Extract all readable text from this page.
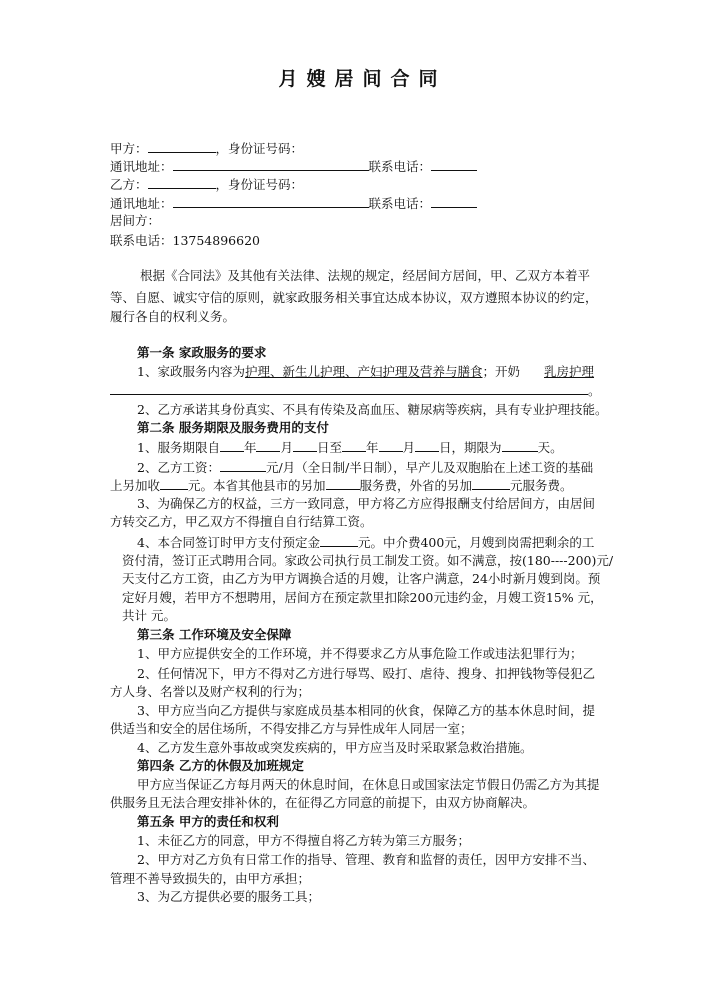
月嫂居间合同
甲方：	，身份证号码：
通讯地址：	联系电话：
乙方：	，身份证号码：
通讯地址：	联系电话：
居间方：
联系电话：13754896620
根据《合同法》及其他有关法律、法规的规定，经居间方居间，甲、乙双方本着平
等、自愿、诚实守信的原则，就家政服务相关事宜达成本协议，双方遵照本协议的约定，
履行各自的权利义务。
第一条 家政服务的要求
1、家政服务内容为护理、新生儿护理、产妇护理及营养与膳食；开奶 乳房护理
。
2、乙方承诺其身份真实、不具有传染及高血压、糖尿病等疾病，具有专业护理技能。
第二条 服务期限及服务费用的支付
1、服务期限自 年 月 日至 年 月 日，期限为	天。
2、乙方工资：	元/月（全日制/半日制），早产儿及双胞胎在上述工资的基础
上另加收 元。本省其他县市的另加	服务费，外省的另加	元服务费。
3、为确保乙方的权益，三方一致同意，甲方将乙方应得报酬支付给居间方，由居间
方转交乙方，甲乙双方不得擅自自行结算工资。
4、本合同签订时甲方支付预定金	元。中介费400元，月嫂到岗需把剩余的工
资付清，签订正式聘用合同。家政公司执行员工制发工资。如不满意，按(180----200)元/
天支付乙方工资，由乙方为甲方调换合适的月嫂，让客户满意，24小时新月嫂到岗。预
定好月嫂，若甲方不想聘用，居间方在预定款里扣除200元违约金，月嫂工资15% 元，
共计 元。
第三条 工作环境及安全保障
1、甲方应提供安全的工作环境，并不得要求乙方从事危险工作或违法犯罪行为；
2、任何情况下，甲方不得对乙方进行辱骂、殴打、虐待、搜身、扣押钱物等侵犯乙
方人身、名誉以及财产权利的行为；
3、甲方应当向乙方提供与家庭成员基本相同的伙食，保障乙方的基本休息时间，提
供适当和安全的居住场所，不得安排乙方与异性成年人同居一室；
4、乙方发生意外事故或突发疾病的，甲方应当及时采取紧急救治措施。
第四条 乙方的休假及加班规定
甲方应当保证乙方每月两天的休息时间，在休息日或国家法定节假日仍需乙方为其提
供服务且无法合理安排补休的，在征得乙方同意的前提下，由双方协商解决。
第五条 甲方的责任和权利
1、未征乙方的同意，甲方不得擅自将乙方转为第三方服务；
2、甲方对乙方负有日常工作的指导、管理、教育和监督的责任，因甲方安排不当、
管理不善导致损失的，由甲方承担；
3、为乙方提供必要的服务工具；
